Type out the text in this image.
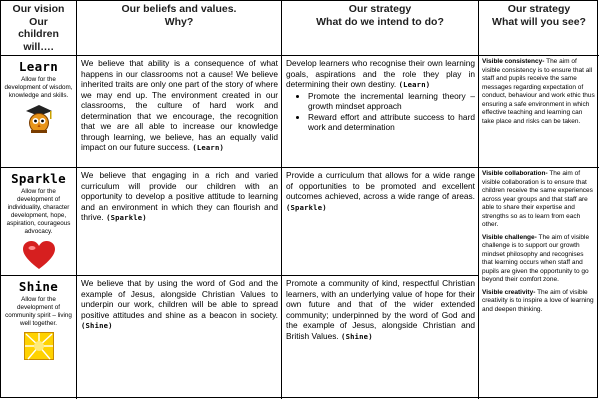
Our vision
Our
children
will….
Our beliefs and values.
Why?
Our strategy
What do we intend to do?
Our strategy
What will you see?
Learn
Allow for the development of wisdom, knowledge and skills.
Sparkle
Allow for the development of individuality, character development, hope, aspiration, courageous advocacy.
Shine
Allow for the development of community spirit – living well together.
We believe that ability is a consequence of what happens in our classrooms not a cause! We believe inherited traits are only one part of the story of where we may end up. The environment created in our classrooms, the culture of hard work and determination that we encourage, the recognition that we are all able to increase our knowledge through learning, we believe, has an equally valid impact on our future success. (Learn)
We believe that engaging in a rich and varied curriculum will provide our children with an opportunity to develop a positive attitude to learning and an environment in which they can flourish and thrive. (Sparkle)
We believe that by using the word of God and the example of Jesus, alongside Christian Values to underpin our work, children will be able to spread positive attitudes and shine as a beacon in society. (Shine)
Develop learners who recognise their own learning goals, aspirations and the role they play in determining their own destiny. (Learn)
• Promote the incremental learning theory – growth mindset approach
• Reward effort and attribute success to hard work and determination
Provide a curriculum that allows for a wide range of opportunities to be promoted and excellent outcomes achieved, across a wide range of areas. (Sparkle)
Promote a community of kind, respectful Christian learners, with an underlying value of hope for their own future and that of the wider extended community; underpinned by the word of God and the example of Jesus, alongside Christian and British Values. (Shine)

Visible consistency- The aim of visible consistency is to ensure that all staff and pupils receive the same messages regarding expectation of conduct, behaviour and work ethic thus ensuring a safe environment in which effective teaching and learning can take place and risks can be taken.

Visible collaboration- The aim of visible collaboration is to ensure that children receive the same experiences across year groups and that staff are able to share their expertise and strengths so as to learn from each other.

Visible challenge- The aim of visible challenge is to support our growth mindset philosophy and recognises that learning occurs when staff and pupils are given the opportunity to go beyond their comfort zone.

Visible creativity- The aim of visible creativity is to inspire a love of learning and deepen thinking.
